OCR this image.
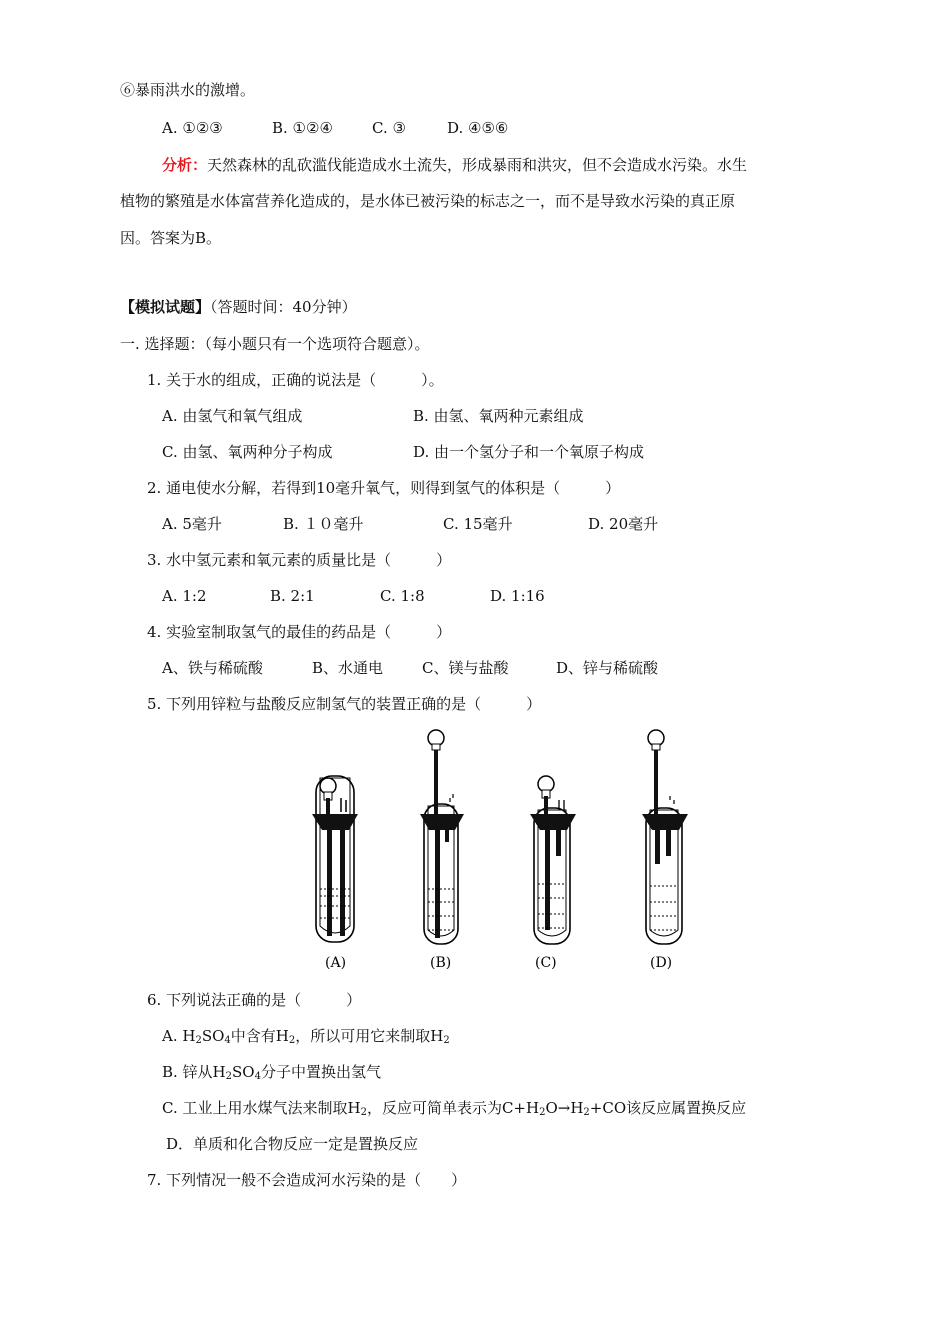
⑥暴雨洪水的激增。
A. ①②③	B. ①②④	C. ③	D. ④⑤⑥
分析：天然森林的乱砍滥伐能造成水土流失，形成暴雨和洪灾，但不会造成水污染。水生
植物的繁殖是水体富营养化造成的，是水体已被污染的标志之一，而不是导致水污染的真正原
因。答案为B。
【模拟试题】（答题时间：40分钟）
一. 选择题：（每小题只有一个选项符合题意）。
1. 关于水的组成，正确的说法是（　　　）。
A. 由氢气和氧气组成	B. 由氢、氧两种元素组成
C. 由氢、氧两种分子构成	D. 由一个氢分子和一个氧原子构成
2. 通电使水分解，若得到10毫升氧气，则得到氢气的体积是（　　　）
A. 5毫升	B. １０毫升	C. 15毫升	D. 20毫升
3. 水中氢元素和氧元素的质量比是（　　　）
A. 1:2	B. 2:1	C. 1:8	D. 1:16
4. 实验室制取氢气的最佳的药品是（　　　）
A、铁与稀硫酸	B、水通电	C、镁与盐酸	D、锌与稀硫酸
5. 下列用锌粒与盐酸反应制氢气的装置正确的是（　　　）
(A)	(B)	(C)	(D)
6. 下列说法正确的是（　　　）
A. $H_2SO_4$中含有$H_2$，所以可用它来制取$H_2$
B. 锌从$H_2SO_4$分子中置换出氢气
C. 工业上用水煤气法来制取$H_2$，反应可简单表示为$C+H_2O\to H_2+CO$该反应属置换反应
D．单质和化合物反应一定是置换反应
7. 下列情况一般不会造成河水污染的是（　　）
